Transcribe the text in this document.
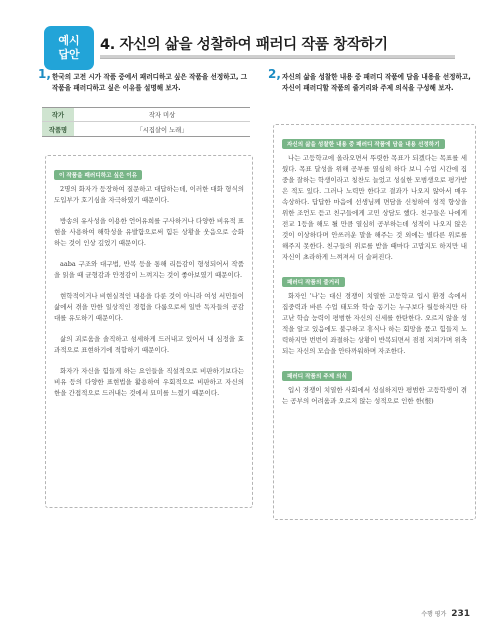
예시
답안
4. 자신의 삶을 성찰하여 패러디 작품 창작하기
1, 한국의 고전 시가 작품 중에서 패러디하고 싶은 작품을 선정하고, 그 작품을 패러디하고 싶은 이유를 설명해 보자.
작가	작자 미상
작품명	「시집살이 노래」
이 작품을 패러디하고 싶은 이유

2명의 화자가 등장하여 질문하고 대답하는데, 이러한 대화 형식의 도입부가 호기심을 자극하였기 때문이다.

방송의 유사성을 이용한 언어유희를 구사하거나 다양한 비유적 표현을 사용하여 해학성을 유발함으로써 힘든 상황을 웃음으로 승화하는 것이 인상 깊었기 때문이다.

aaba 구조와 대구법, 반복 등을 통해 리듬감이 형성되어서 작품을 읽을 때 균형감과 안정감이 느껴지는 것이 좋아보였기 때문이다.

현학적이거나 비현실적인 내용을 다룬 것이 아니라 여성 서민들이 삶에서 겪을 만한 일상적인 경험을 다룸으로써 일반 독자들의 공감대를 유도하기 때문이다.

삶의 괴로움을 솔직하고 섬세하게 드러내고 있어서 내 심정을 효과적으로 표현하기에 적합하기 때문이다.

화자가 자신을 힘들게 하는 요인들을 직설적으로 비판하기보다는 비유 등의 다양한 표현법을 활용하여 우회적으로 비판하고 자신의 한을 간접적으로 드러내는 것에서 묘미를 느꼈기 때문이다.

2, 자신의 삶을 성찰한 내용 중 패러디 작품에 담을 내용을 선정하고, 자신이 패러디할 작품의 줄거리와 주제 의식을 구성해 보자.
자신의 삶을 성찰한 내용 중 패러디 작품에 담을 내용 선정하기

나는 고등학교에 올라오면서 뚜렷한 목표가 되겠다는 목표를 세웠다. 목표 달성을 위해 공부를 열심히 하다 보니 수업 시간에 집중을 잘하는 학생이라고 칭찬도 늘었고 성실한 모범생으로 평가받은 적도 있다. 그러나 노력만 한다고 결과가 나오지 않아서 매우 속상하다. 답답한 마음에 선생님께 면담을 신청하여 성적 향상을 위한 조언도 듣고 친구들에게 고민 상담도 했다. 친구들은 나에게 전교 1등을 해도 될 만큼 열심히 공부하는데 성적이 나오지 않은 것이 이상하다며 안쓰러운 말을 해주는 것 외에는 별다른 위로를 해주지 못한다. 친구들의 위로를 받을 때마다 고맙지도 하지만 내 자신이 초라하게 느껴져서 더 슬퍼진다.

패러디 작품의 줄거리

화자인 '나'는 대신 경쟁이 치열한 고등학교 입시 환경 속에서 집중력과 바른 수업 태도와 학습 동기는 누구보다 월등하지만 타고난 학습 능력이 평범한 자신의 신세를 한탄한다. 오르지 않을 성적을 알고 있음에도 불구하고 휴식나 하는 회망을 품고 힘들지 노력하지만 번번이 좌절하는 상황이 반복되면서 점점 지쳐가며 위축되는 자신의 모습을 안타까워하며 자조한다.

패러디 작품의 주제 의식

입시 경쟁이 치열한 사회에서 성실하지만 평범한 고등학생이 겪는 공부의 어려움과 오르지 않는 성적으로 인한 한(恨)

수행 평가 231
